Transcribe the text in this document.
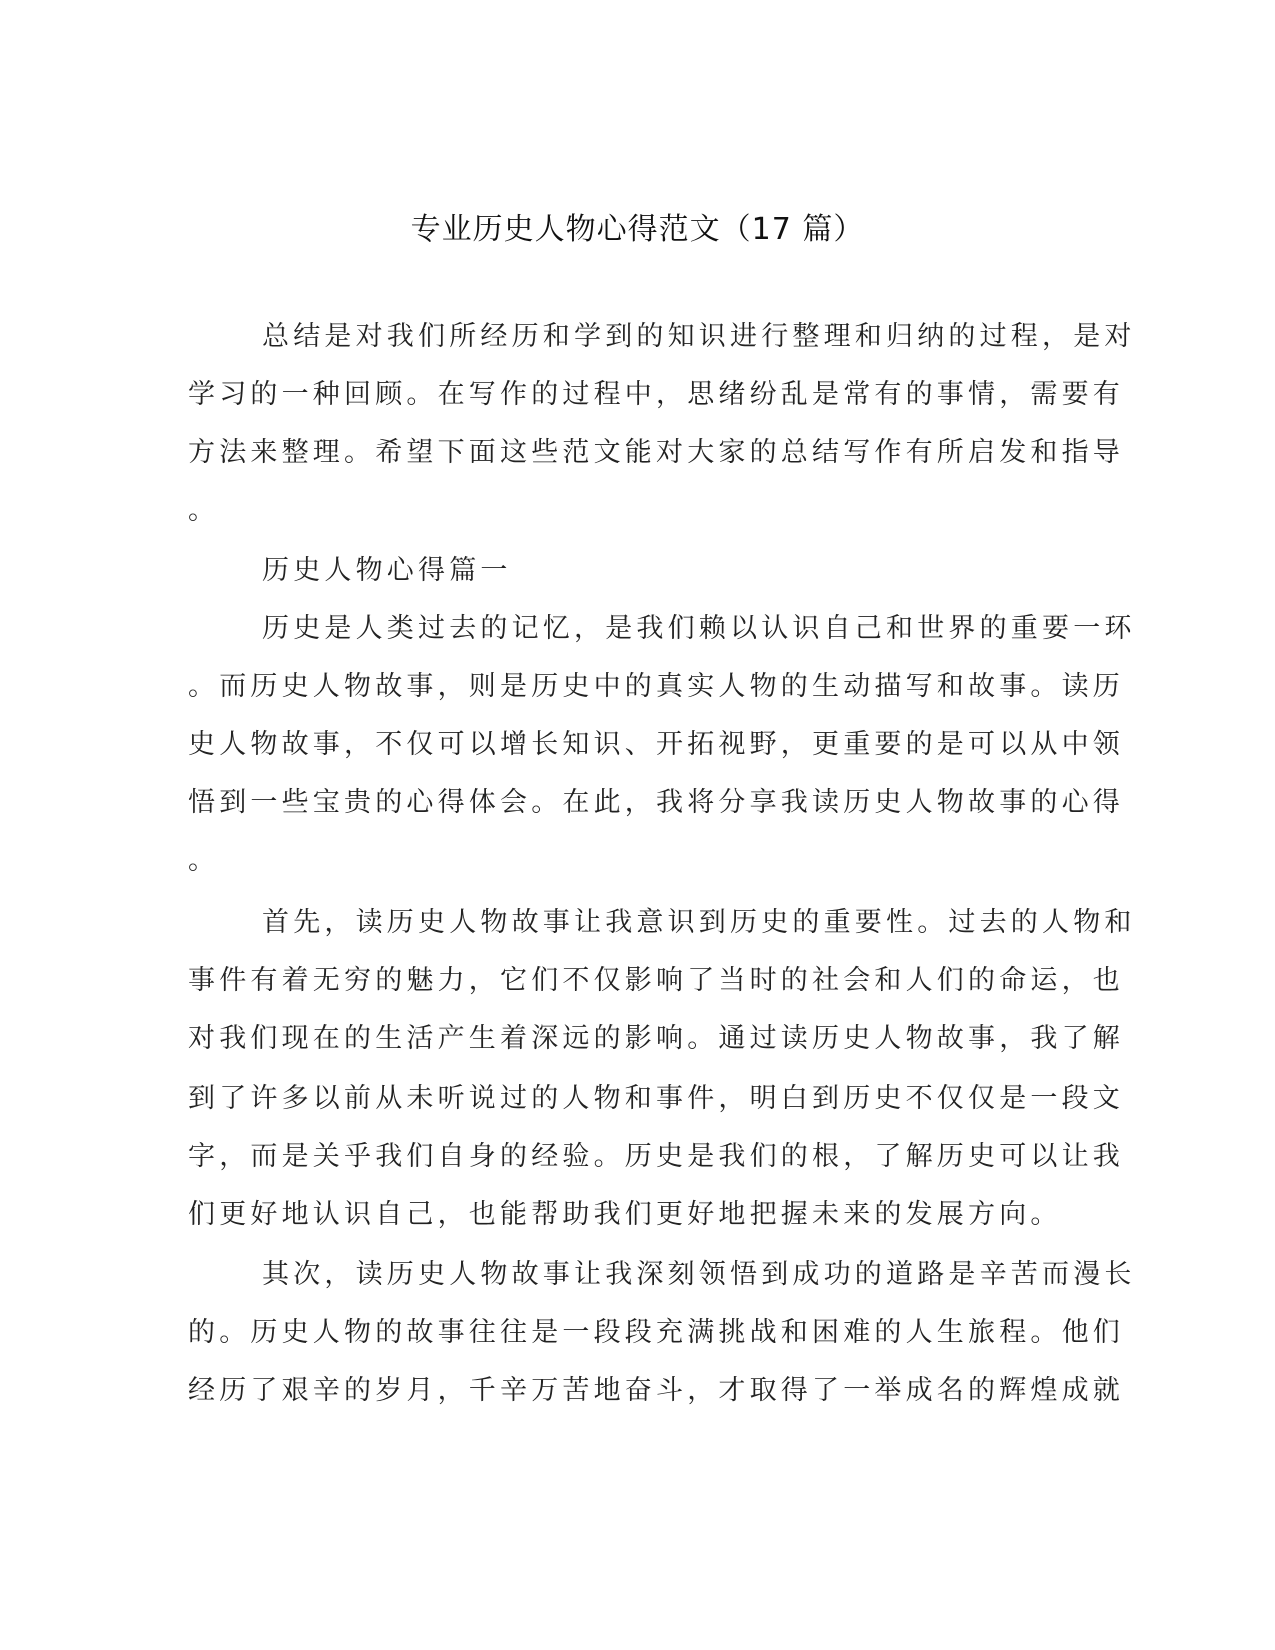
专业历史人物心得范文（17 篇）
总结是对我们所经历和学到的知识进行整理和归纳的过程，是对
学习的一种回顾。在写作的过程中，思绪纷乱是常有的事情，需要有
方法来整理。希望下面这些范文能对大家的总结写作有所启发和指导
。
历史人物心得篇一
历史是人类过去的记忆，是我们赖以认识自己和世界的重要一环
。而历史人物故事，则是历史中的真实人物的生动描写和故事。读历
史人物故事，不仅可以增长知识、开拓视野，更重要的是可以从中领
悟到一些宝贵的心得体会。在此，我将分享我读历史人物故事的心得
。
首先，读历史人物故事让我意识到历史的重要性。过去的人物和
事件有着无穷的魅力，它们不仅影响了当时的社会和人们的命运，也
对我们现在的生活产生着深远的影响。通过读历史人物故事，我了解
到了许多以前从未听说过的人物和事件，明白到历史不仅仅是一段文
字，而是关乎我们自身的经验。历史是我们的根，了解历史可以让我
们更好地认识自己，也能帮助我们更好地把握未来的发展方向。
其次，读历史人物故事让我深刻领悟到成功的道路是辛苦而漫长
的。历史人物的故事往往是一段段充满挑战和困难的人生旅程。他们
经历了艰辛的岁月，千辛万苦地奋斗，才取得了一举成名的辉煌成就
